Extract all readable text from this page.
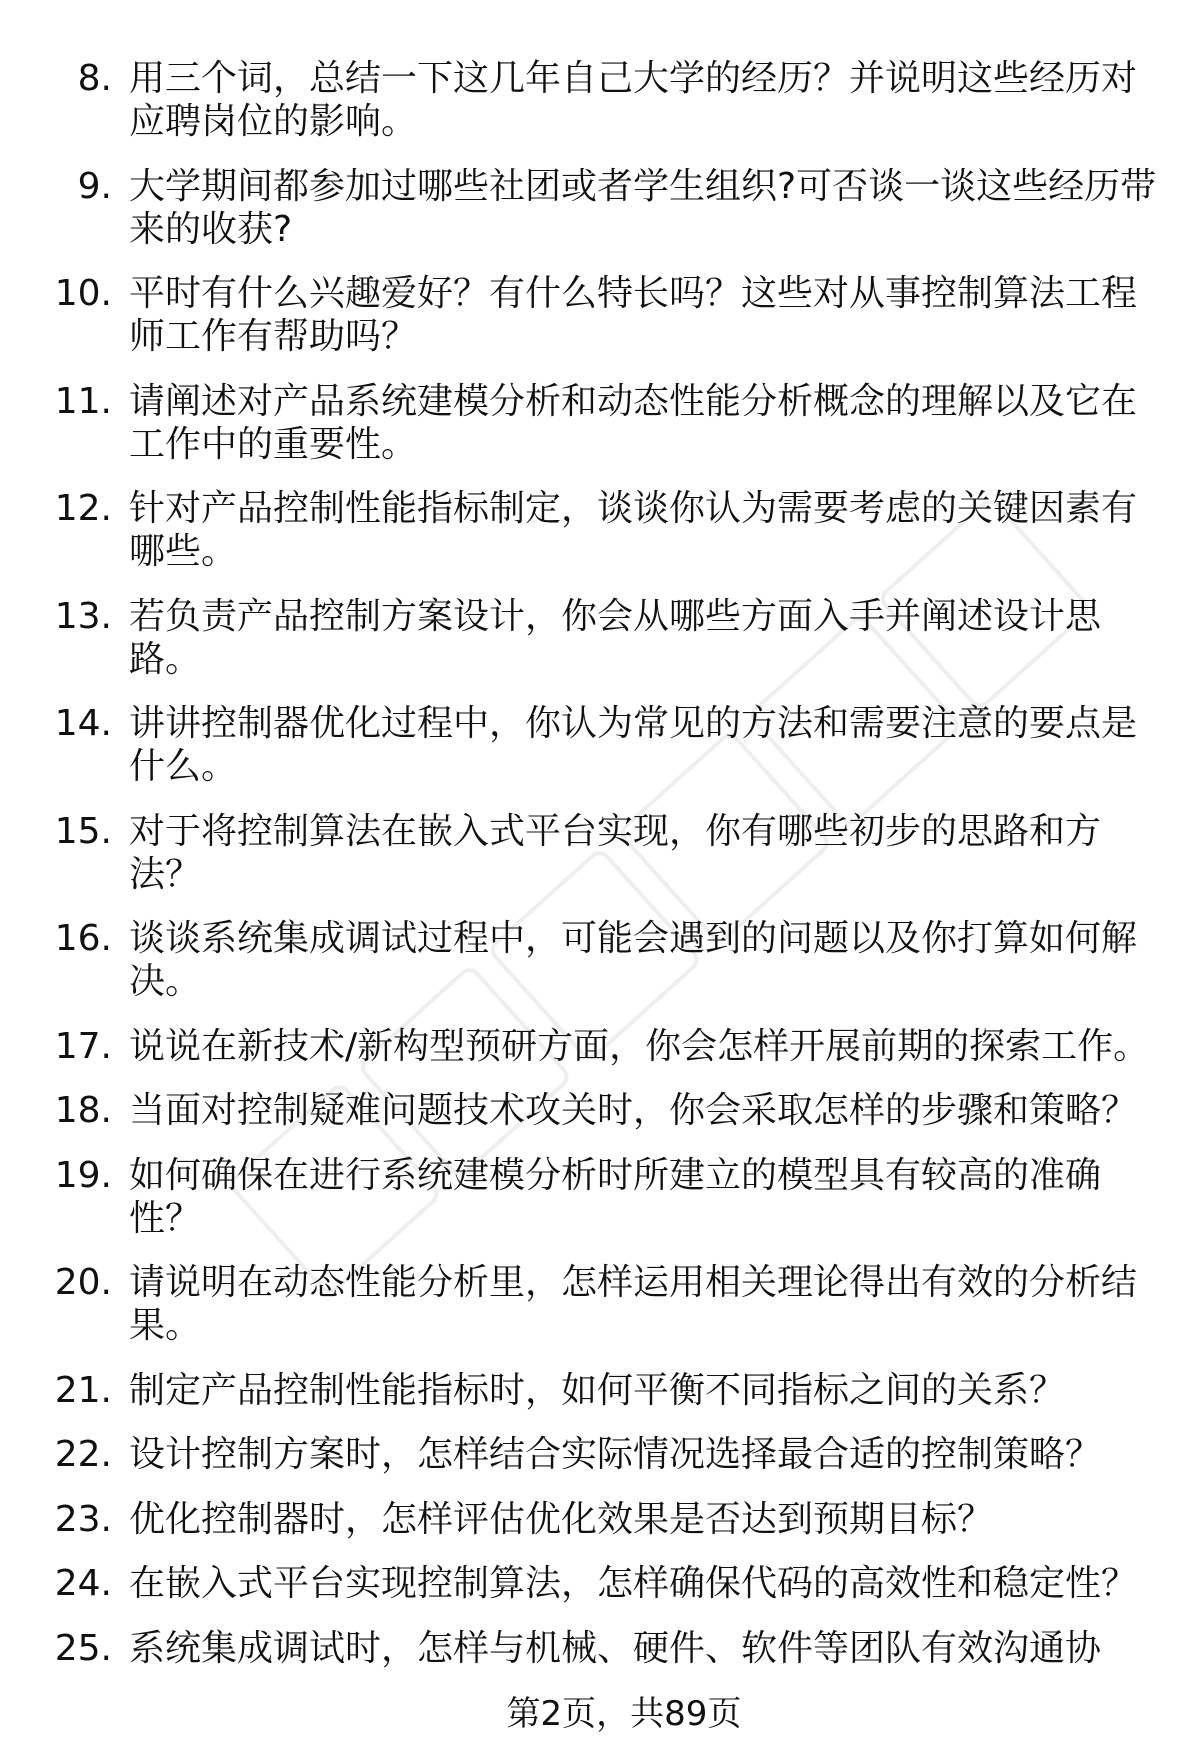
8. 用三个词，总结一下这几年自己大学的经历？并说明这些经历对
应聘岗位的影响。
9. 大学期间都参加过哪些社团或者学生组织?可否谈一谈这些经历带
来的收获?
10. 平时有什么兴趣爱好？有什么特长吗？这些对从事控制算法工程
师工作有帮助吗？
11. 请阐述对产品系统建模分析和动态性能分析概念的理解以及它在
工作中的重要性。
12. 针对产品控制性能指标制定，谈谈你认为需要考虑的关键因素有
哪些。
13. 若负责产品控制方案设计，你会从哪些方面入手并阐述设计思
路。
14. 讲讲控制器优化过程中，你认为常见的方法和需要注意的要点是
什么。
15. 对于将控制算法在嵌入式平台实现，你有哪些初步的思路和方
法？
16. 谈谈系统集成调试过程中，可能会遇到的问题以及你打算如何解
决。
17. 说说在新技术/新构型预研方面，你会怎样开展前期的探索工作。
18. 当面对控制疑难问题技术攻关时，你会采取怎样的步骤和策略？
19. 如何确保在进行系统建模分析时所建立的模型具有较高的准确
性？
20. 请说明在动态性能分析里，怎样运用相关理论得出有效的分析结
果。
21. 制定产品控制性能指标时，如何平衡不同指标之间的关系？
22. 设计控制方案时，怎样结合实际情况选择最合适的控制策略？
23. 优化控制器时，怎样评估优化效果是否达到预期目标？
24. 在嵌入式平台实现控制算法，怎样确保代码的高效性和稳定性？
25. 系统集成调试时，怎样与机械、硬件、软件等团队有效沟通协
第2页，共89页
